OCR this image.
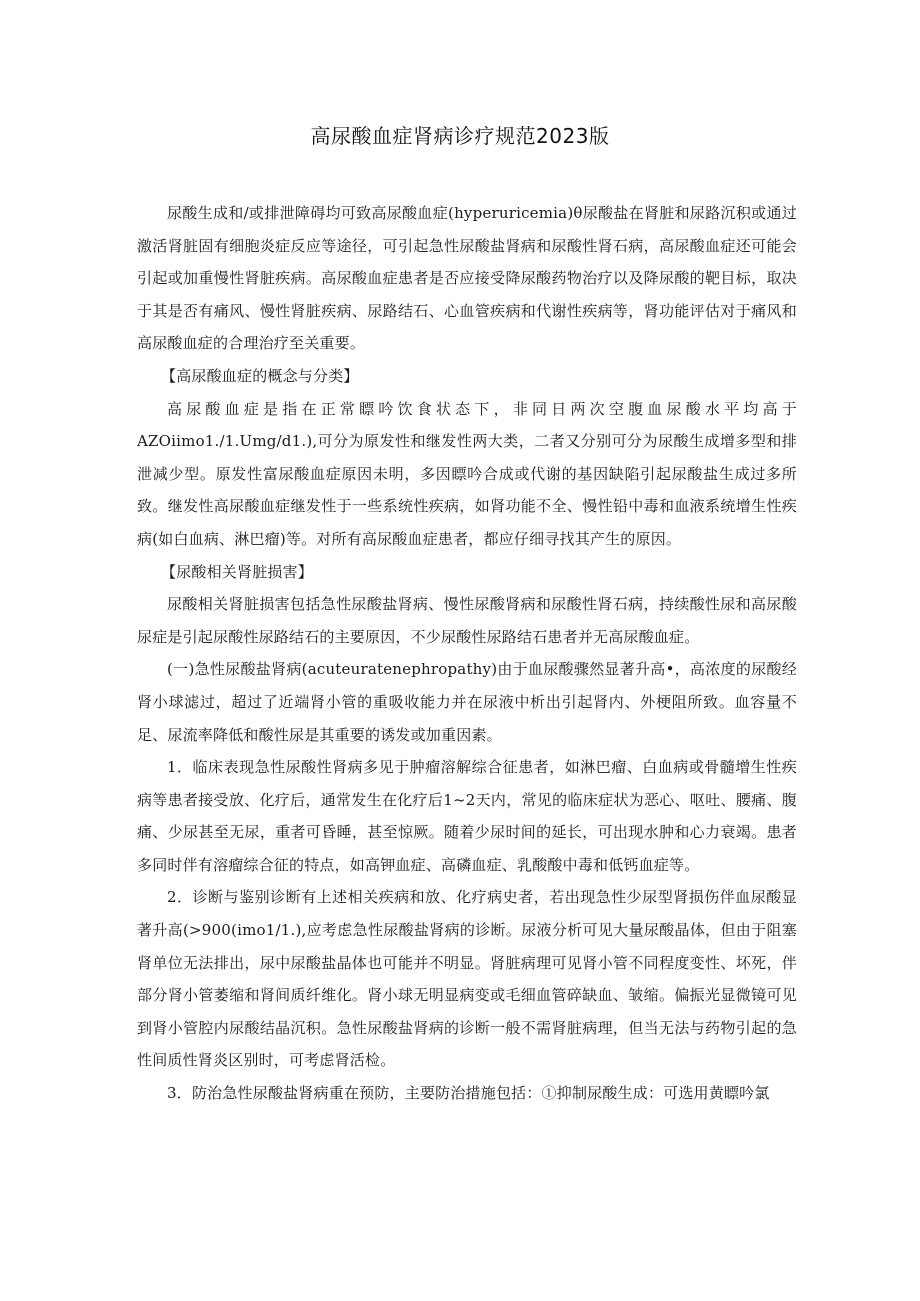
高尿酸血症肾病诊疗规范2023版

尿酸生成和/或排泄障碍均可致高尿酸血症(hyperuricemia)θ尿酸盐在肾脏和尿路沉积或通过激活肾脏固有细胞炎症反应等途径，可引起急性尿酸盐肾病和尿酸性肾石病，高尿酸血症还可能会引起或加重慢性肾脏疾病。高尿酸血症患者是否应接受降尿酸药物治疗以及降尿酸的靶目标，取决于其是否有痛风、慢性肾脏疾病、尿路结石、心血管疾病和代谢性疾病等，肾功能评估对于痛风和高尿酸血症的合理治疗至关重要。

【高尿酸血症的概念与分类】

高尿酸血症是指在正常瞟吟饮食状态下，非同日两次空腹血尿酸水平均高于AZOiimo1./1.Umg/d1.),可分为原发性和继发性两大类，二者又分别可分为尿酸生成增多型和排泄减少型。原发性富尿酸血症原因未明，多因瞟吟合成或代谢的基因缺陷引起尿酸盐生成过多所致。继发性高尿酸血症继发性于一些系统性疾病，如肾功能不全、慢性铅中毒和血液系统增生性疾病(如白血病、淋巴瘤)等。对所有高尿酸血症患者，都应仔细寻找其产生的原因。

【尿酸相关肾脏损害】

尿酸相关肾脏损害包括急性尿酸盐肾病、慢性尿酸肾病和尿酸性肾石病，持续酸性尿和高尿酸尿症是引起尿酸性尿路结石的主要原因，不少尿酸性尿路结石患者并无高尿酸血症。

(一)急性尿酸盐肾病(acuteuratenephropathy)由于血尿酸骤然显著升高•，高浓度的尿酸经肾小球滤过，超过了近端肾小管的重吸收能力并在尿液中析出引起肾内、外梗阻所致。血容量不足、尿流率降低和酸性尿是其重要的诱发或加重因素。

1．临床表现急性尿酸性肾病多见于肿瘤溶解综合征患者，如淋巴瘤、白血病或骨髓增生性疾病等患者接受放、化疗后，通常发生在化疗后1~2天内，常见的临床症状为恶心、呕吐、腰痛、腹痛、少尿甚至无尿，重者可昏睡，甚至惊厥。随着少尿时间的延长，可出现水肿和心力衰竭。患者多同时伴有溶瘤综合征的特点，如高钾血症、高磷血症、乳酸酸中毒和低钙血症等。

2．诊断与鉴别诊断有上述相关疾病和放、化疗病史者，若出现急性少尿型肾损伤伴血尿酸显著升高(>900(imo1∕1.),应考虑急性尿酸盐肾病的诊断。尿液分析可见大量尿酸晶体，但由于阻塞肾单位无法排出，尿中尿酸盐晶体也可能并不明显。肾脏病理可见肾小管不同程度变性、坏死，伴部分肾小管萎缩和肾间质纤维化。肾小球无明显病变或毛细血管碎缺血、皱缩。偏振光显微镜可见到肾小管腔内尿酸结晶沉积。急性尿酸盐肾病的诊断一般不需肾脏病理，但当无法与药物引起的急性间质性肾炎区别时，可考虑肾活检。

3．防治急性尿酸盐肾病重在预防，主要防治措施包括：①抑制尿酸生成：可选用黄瞟吟氯
